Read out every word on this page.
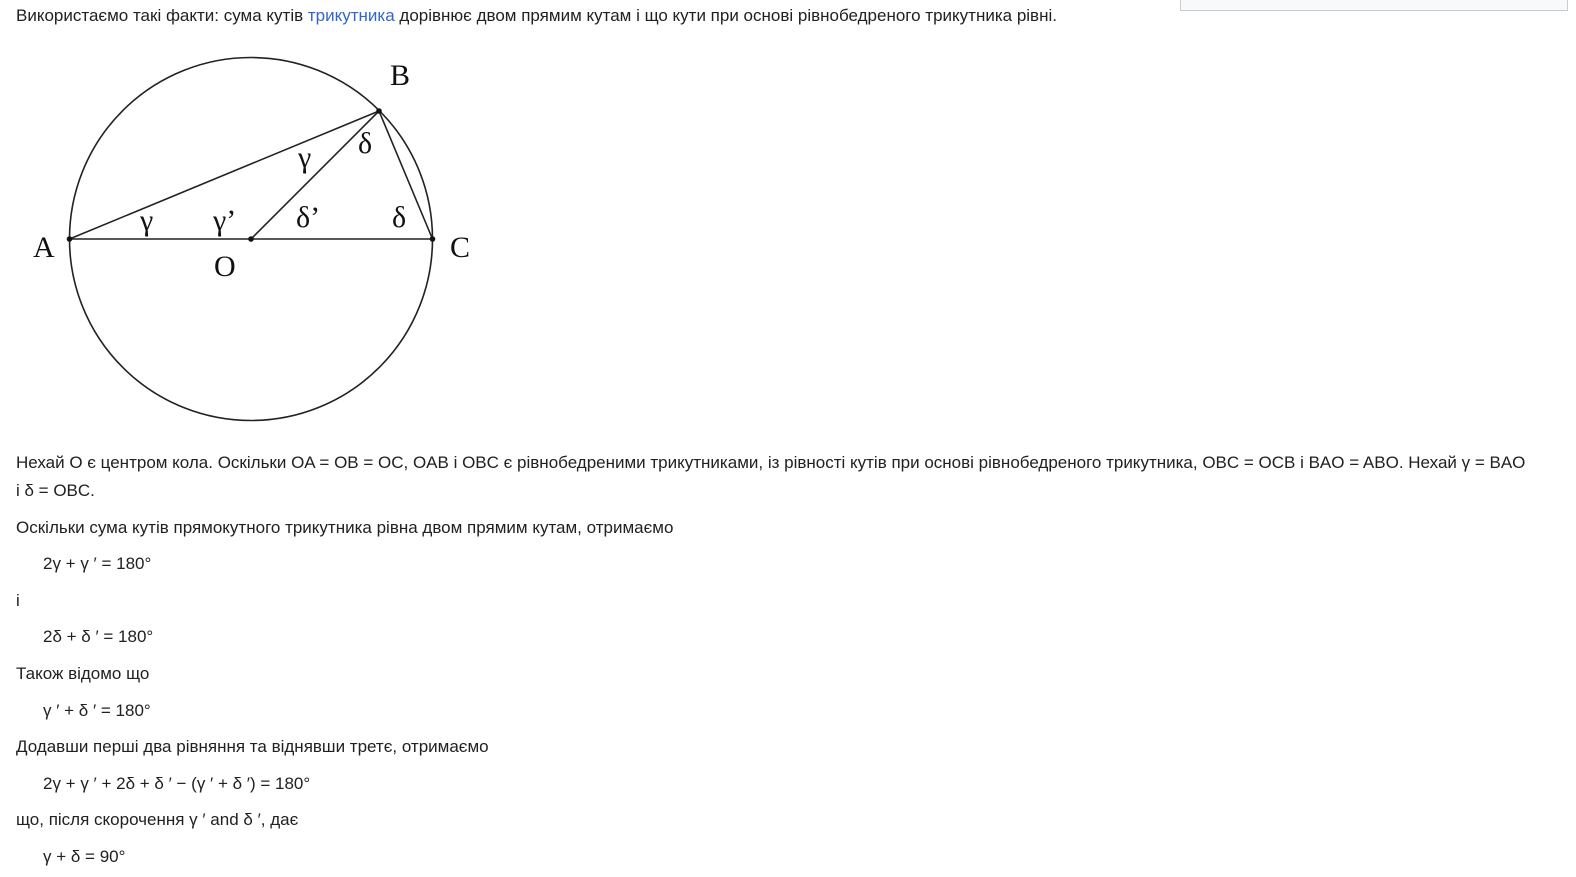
Використаємо такі факти: сума кутів трикутника дорівнює двом прямим кутам і що кути при основі рівнобедреного трикутника рівні.
A
B
C
O
γ γ’
γ δ
δ’ δ
Нехай O є центром кола. Оскільки OA = OB = OC, OAB і OBC є рівнобедреними трикутниками, із рівності кутів при основі рівнобедреного трикутника, OBC = OCB і BAO = ABO. Нехай γ = BAO
і δ = OBC.
Оскільки сума кутів прямокутного трикутника рівна двом прямим кутам, отримаємо
2γ + γ ′ = 180°
і
2δ + δ ′ = 180°
Також відомо що
γ ′ + δ ′ = 180°
Додавши перші два рівняння та віднявши третє, отримаємо
2γ + γ ′ + 2δ + δ ′ − (γ ′ + δ ′) = 180°
що, після скорочення γ ′ and δ ′, дає
γ + δ = 90°
